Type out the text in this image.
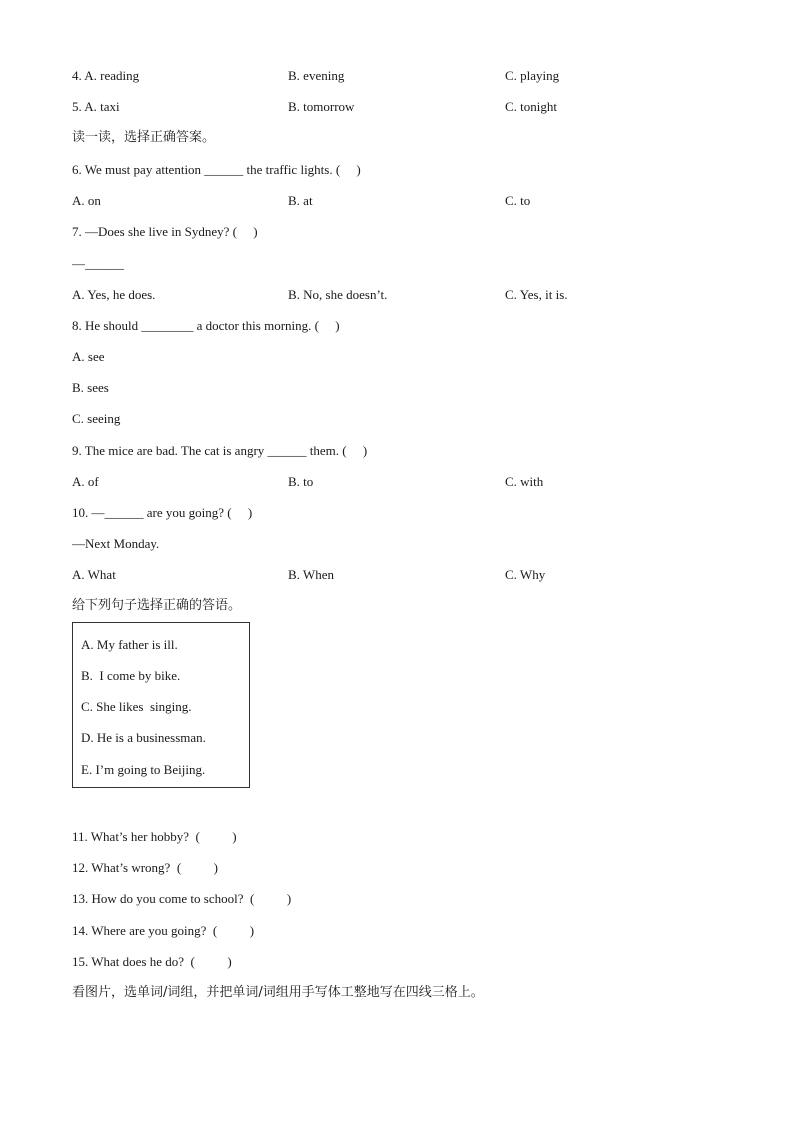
4. A. reading	B. evening	C. playing
5. A. taxi	B. tomorrow	C. tonight
读一读，选择正确答案。
6. We must pay attention ______ the traffic lights. (     )
A. on	B. at	C. to
7. —Does she live in Sydney? (     )
—______
A. Yes, he does.	B. No, she doesn’t.	C. Yes, it is.
8. He should ________ a doctor this morning. (     )
A. see
B. sees
C. seeing
9. The mice are bad. The cat is angry ______ them. (     )
A. of	B. to	C. with
10. —______ are you going? (     )
—Next Monday.
A. What	B. When	C. Why
给下列句子选择正确的答语。
A. My father is ill.
B.  I come by bike.
C. She likes  singing.
D. He is a businessman.
E. I’m going to Beijing.
11. What’s her hobby?  (          )
12. What’s wrong?  (          )
13. How do you come to school?  (          )
14. Where are you going?  (          )
15. What does he do?  (          )
看图片，选单词/词组，并把单词/词组用手写体工整地写在四线三格上。
